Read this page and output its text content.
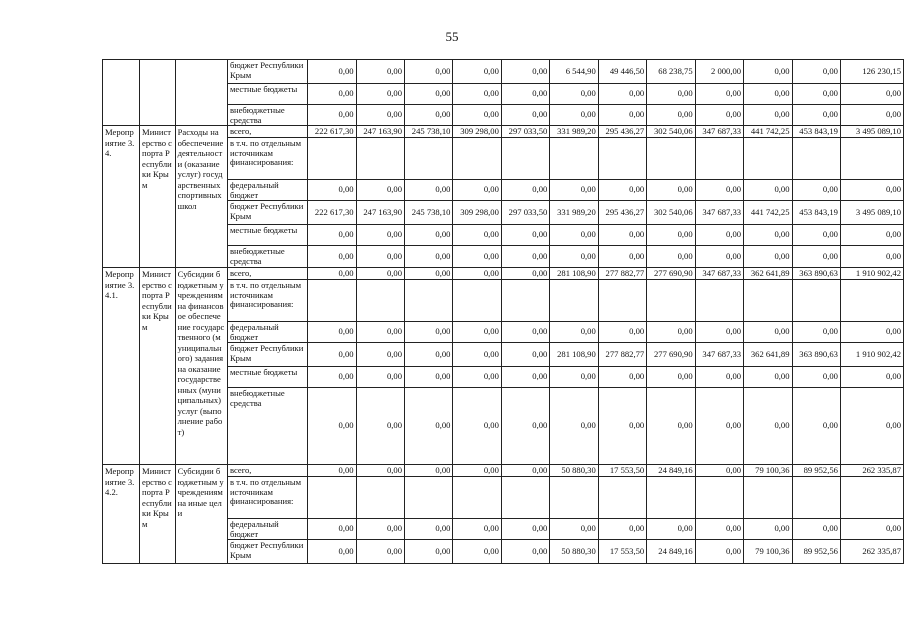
55
			бюджет Республики Крым	0,00	0,00	0,00	0,00	0,00	6 544,90	49 446,50	68 238,75	2 000,00	0,00	0,00	126 230,15
			местные бюджеты	0,00	0,00	0,00	0,00	0,00	0,00	0,00	0,00	0,00	0,00	0,00	0,00
			внебюджетные средства	0,00	0,00	0,00	0,00	0,00	0,00	0,00	0,00	0,00	0,00	0,00	0,00
Мероприятие 3.4.	Министерство спорта Республики Крым	Расходы на обеспечение деятельности (оказание услуг) государственных спортивных школ	всего,	222 617,30	247 163,90	245 738,10	309 298,00	297 033,50	331 989,20	295 436,27	302 540,06	347 687,33	441 742,25	453 843,19	3 495 089,10
			в т.ч. по отдельным источникам финансирования:												
			федеральный бюджет	0,00	0,00	0,00	0,00	0,00	0,00	0,00	0,00	0,00	0,00	0,00	0,00
			бюджет Республики Крым	222 617,30	247 163,90	245 738,10	309 298,00	297 033,50	331 989,20	295 436,27	302 540,06	347 687,33	441 742,25	453 843,19	3 495 089,10
			местные бюджеты	0,00	0,00	0,00	0,00	0,00	0,00	0,00	0,00	0,00	0,00	0,00	0,00
			внебюджетные средства	0,00	0,00	0,00	0,00	0,00	0,00	0,00	0,00	0,00	0,00	0,00	0,00
Мероприятие 3.4.1.	Министерство спорта Республики Крым	Субсидии бюджетным учреждениям на финансовое обеспечение государственного (муниципального) задания на оказание государственных (муниципальных) услуг (выполнение работ)	всего,	0,00	0,00	0,00	0,00	0,00	281 108,90	277 882,77	277 690,90	347 687,33	362 641,89	363 890,63	1 910 902,42
			в т.ч. по отдельным источникам финансирования:												
			федеральный бюджет	0,00	0,00	0,00	0,00	0,00	0,00	0,00	0,00	0,00	0,00	0,00	0,00
			бюджет Республики Крым	0,00	0,00	0,00	0,00	0,00	281 108,90	277 882,77	277 690,90	347 687,33	362 641,89	363 890,63	1 910 902,42
			местные бюджеты	0,00	0,00	0,00	0,00	0,00	0,00	0,00	0,00	0,00	0,00	0,00	0,00
			внебюджетные средства	0,00	0,00	0,00	0,00	0,00	0,00	0,00	0,00	0,00	0,00	0,00	0,00
Мероприятие 3.4.2.	Министерство спорта Республики Крым	Субсидии бюджетным учреждениям на иные цели	всего,	0,00	0,00	0,00	0,00	0,00	50 880,30	17 553,50	24 849,16	0,00	79 100,36	89 952,56	262 335,87
			в т.ч. по отдельным источникам финансирования:												
			федеральный бюджет	0,00	0,00	0,00	0,00	0,00	0,00	0,00	0,00	0,00	0,00	0,00	0,00
			бюджет Республики Крым	0,00	0,00	0,00	0,00	0,00	50 880,30	17 553,50	24 849,16	0,00	79 100,36	89 952,56	262 335,87
